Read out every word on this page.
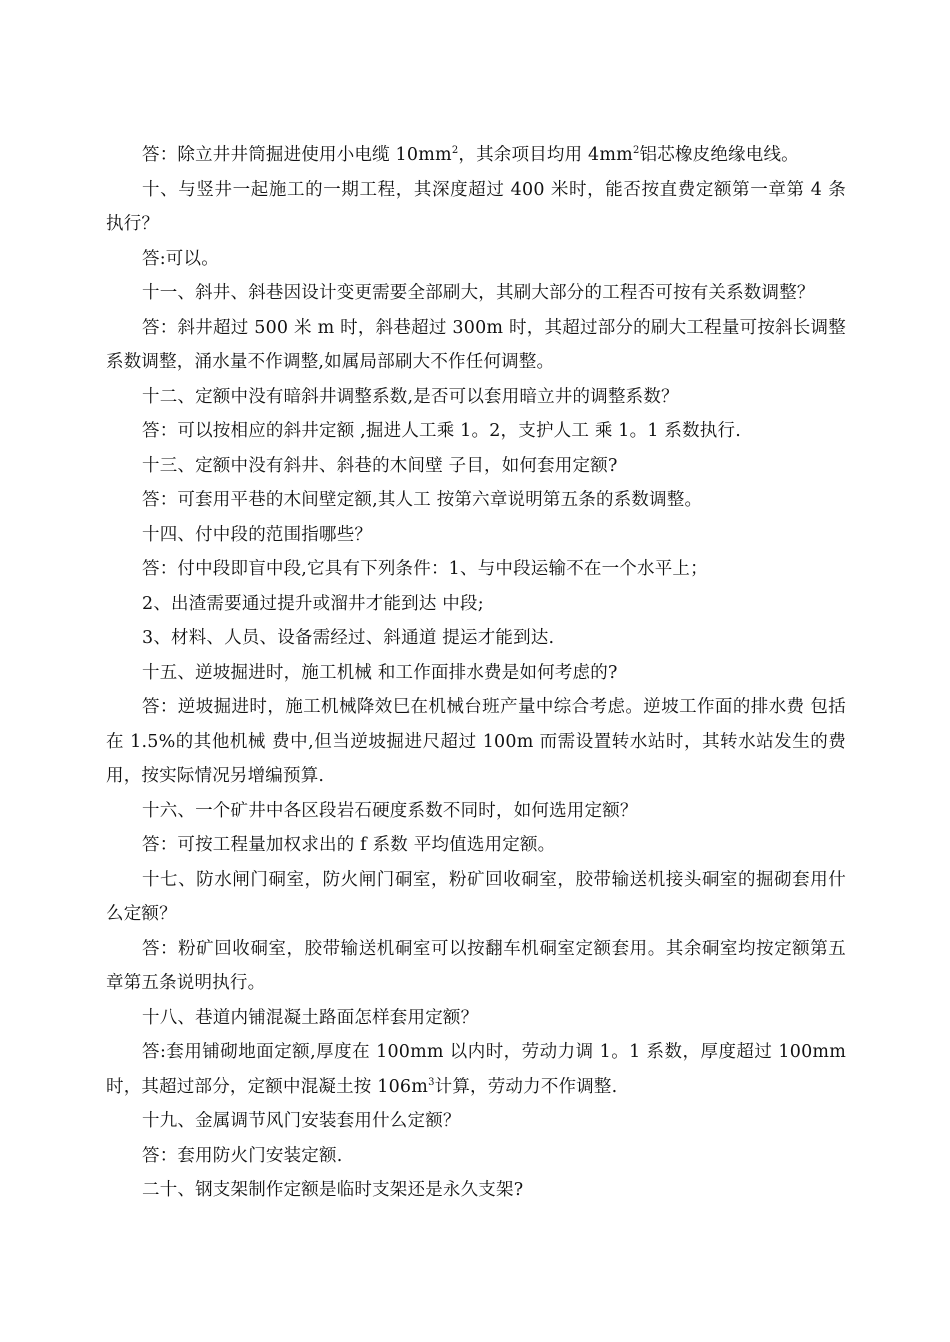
答：除立井井筒掘进使用小电缆 $10mm^2$，其余项目均用 $4mm^2$铝芯橡皮绝缘电线。

十、与竖井一起施工的一期工程，其深度超过 400 米时，能否按直费定额第一章第 4 条执行？

答:可以。

十一、斜井、斜巷因设计变更需要全部刷大，其刷大部分的工程否可按有关系数调整？

答：斜井超过 500 米 m 时，斜巷超过 300m 时，其超过部分的刷大工程量可按斜长调整系数调整，涌水量不作调整,如属局部刷大不作任何调整。

十二、定额中没有暗斜井调整系数,是否可以套用暗立井的调整系数？

答：可以按相应的斜井定额 ,掘进人工乘 1。2，支护人工 乘 1。1 系数执行.

十三、定额中没有斜井、斜巷的木间壁 子目，如何套用定额?

答：可套用平巷的木间壁定额,其人工 按第六章说明第五条的系数调整。

十四、付中段的范围指哪些？

答：付中段即盲中段,它具有下列条件：1、与中段运输不在一个水平上；

2、出渣需要通过提升或溜井才能到达 中段;

3、材料、人员、设备需经过、斜通道 提运才能到达.

十五、逆坡掘进时，施工机械 和工作面排水费是如何考虑的?

答：逆坡掘进时，施工机械降效巳在机械台班产量中综合考虑。逆坡工作面的排水费 包括在 1.5%的其他机械 费中,但当逆坡掘进尺超过 100m 而需设置转水站时，其转水站发生的费用，按实际情况另增编预算.

十六、一个矿井中各区段岩石硬度系数不同时，如何选用定额？

答：可按工程量加权求出的 f 系数 平均值选用定额。

十七、防水闸门硐室，防火闸门硐室，粉矿回收硐室，胶带输送机接头硐室的掘砌套用什么定额？

答：粉矿回收硐室，胶带输送机硐室可以按翻车机硐室定额套用。其余硐室均按定额第五章第五条说明执行。

十八、巷道内铺混凝土路面怎样套用定额？

答:套用铺砌地面定额,厚度在 100mm 以内时，劳动力调 1。1 系数，厚度超过 100mm 时，其超过部分，定额中混凝土按 $106m^3$计算，劳动力不作调整.

十九、金属调节风门安装套用什么定额？

答：套用防火门安装定额.

二十、钢支架制作定额是临时支架还是永久支架?
